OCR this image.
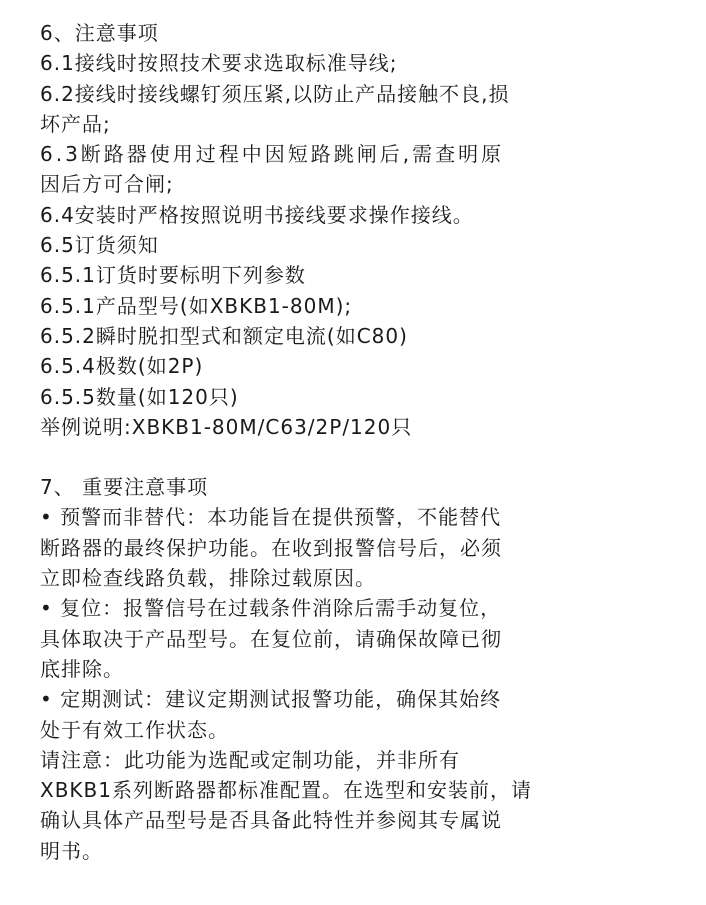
6、注意事项
6.1接线时按照技术要求选取标准导线;
6.2接线时接线螺钉须压紧,以防止产品接触不良,损
坏产品;
6.3断路器使用过程中因短路跳闸后,需查明原
因后方可合闸;
6.4安装时严格按照说明书接线要求操作接线。
6.5订货须知
6.5.1订货时要标明下列参数
6.5.1产品型号(如XBKB1-80M);
6.5.2瞬时脱扣型式和额定电流(如C80)
6.5.4极数(如2P)
6.5.5数量(如120只)
举例说明:XBKB1-80M/C63/2P/120只
7、 重要注意事项
• 预警而非替代：本功能旨在提供预警，不能替代
断路器的最终保护功能。在收到报警信号后，必须
立即检查线路负载，排除过载原因。
• 复位：报警信号在过载条件消除后需手动复位，
具体取决于产品型号。在复位前，请确保故障已彻
底排除。
• 定期测试：建议定期测试报警功能，确保其始终
处于有效工作状态。
请注意：此功能为选配或定制功能，并非所有
XBKB1系列断路器都标准配置。在选型和安装前，请
确认具体产品型号是否具备此特性并参阅其专属说
明书。
